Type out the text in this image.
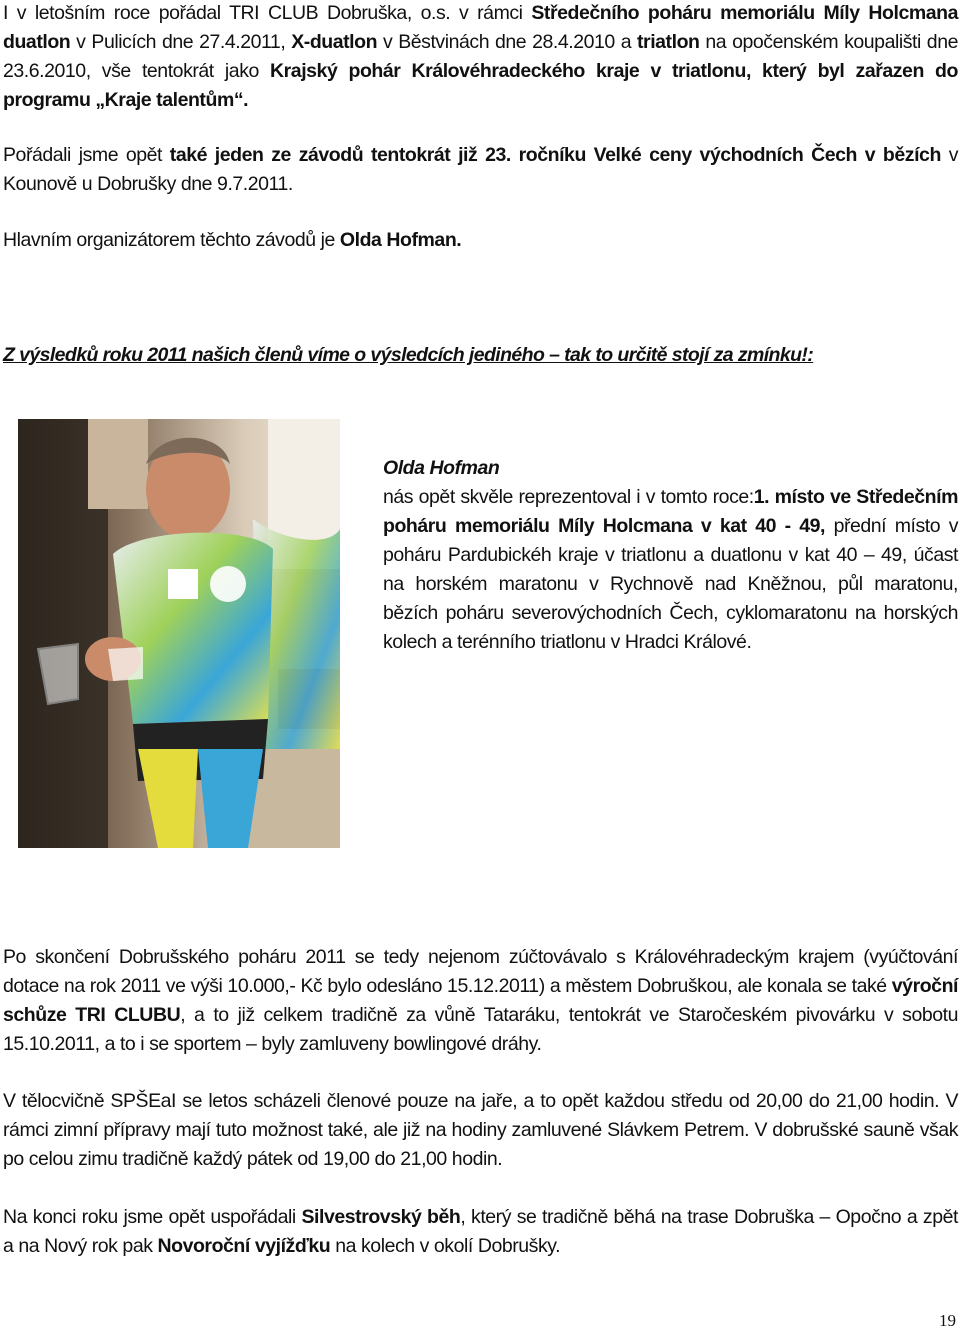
I v letošním roce pořádal TRI CLUB Dobruška, o.s. v rámci Středečního poháru memoriálu Míly Holcmana duatlon v Pulicích dne 27.4.2011, X-duatlon v Běstvinách dne 28.4.2010 a triatlon na opočenském koupališti dne 23.6.2010, vše tentokrát jako Krajský pohár Královéhradeckého kraje v triatlonu, který byl zařazen do programu „Kraje talentům“.
Pořádali jsme opět také jeden ze závodů tentokrát již 23. ročníku Velké ceny východních Čech v bězích v Kounově u Dobrušky dne 9.7.2011.
Hlavním organizátorem těchto závodů je Olda Hofman.
Z výsledků roku 2011 našich členů víme o výsledcích jediného – tak to určitě stojí za zmínku!:
Olda Hofman
nás opět skvěle reprezentoval i v tomto roce:1. místo ve Středečním poháru memoriálu Míly Holcmana v kat 40 - 49, přední místo v poháru Pardubickéh kraje v triatlonu a duatlonu v kat 40 – 49, účast na horském maratonu v Rychnově nad Kněžnou, půl maratonu, bězích poháru severovýchodních Čech, cyklomaratonu na horských kolech a terénního triatlonu v Hradci Králové.
Po skončení Dobrušského poháru 2011 se tedy nejenom zúčtovávalo s Královéhradeckým krajem (vyúčtování dotace na rok 2011 ve výši 10.000,- Kč bylo odesláno 15.12.2011) a městem Dobruškou, ale konala se také výroční schůze TRI CLUBU, a to již celkem tradičně za vůně Tataráku, tentokrát ve Staročeském pivovárku v sobotu 15.10.2011, a to i se sportem – byly zamluveny bowlingové dráhy.
V tělocvičně SPŠEaI se letos scházeli členové pouze na jaře, a to opět každou středu od 20,00 do 21,00 hodin. V rámci zimní přípravy mají tuto možnost také, ale již na hodiny zamluvené Slávkem Petrem. V dobrušské sauně však po celou zimu tradičně každý pátek od 19,00 do 21,00 hodin.
Na konci roku jsme opět uspořádali Silvestrovský běh, který se tradičně běhá na trase Dobruška – Opočno a zpět a na Nový rok pak Novoroční vyjížďku na kolech v okolí Dobrušky.
19
